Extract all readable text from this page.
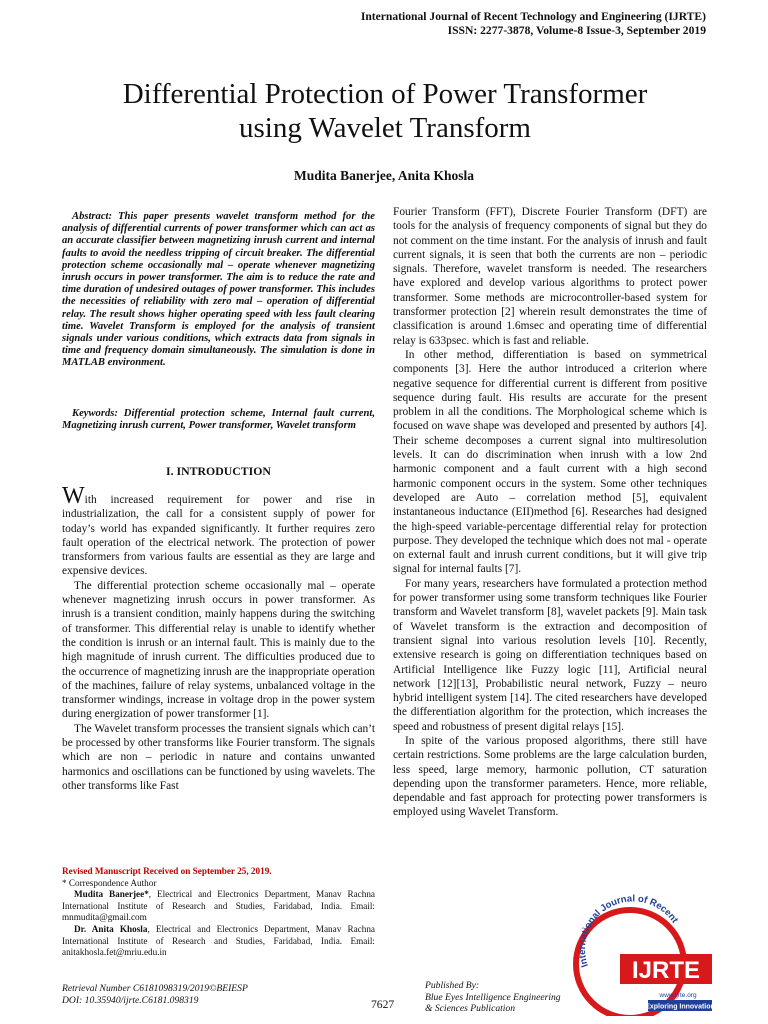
International Journal of Recent Technology and Engineering (IJRTE)
ISSN: 2277-3878, Volume-8 Issue-3, September 2019
Differential Protection of Power Transformer
using Wavelet Transform
Mudita Banerjee, Anita Khosla
Abstract: This paper presents wavelet transform method for the analysis of differential currents of power transformer which can act as an accurate classifier between magnetizing inrush current and internal faults to avoid the needless tripping of circuit breaker. The differential protection scheme occasionally mal – operate whenever magnetizing inrush occurs in power transformer. The aim is to reduce the rate and time duration of undesired outages of power transformer. This includes the necessities of reliability with zero mal – operation of differential relay. The result shows higher operating speed with less fault clearing time. Wavelet Transform is employed for the analysis of transient signals under various conditions, which extracts data from signals in time and frequency domain simultaneously. The simulation is done in MATLAB environment.
Keywords: Differential protection scheme, Internal fault current, Magnetizing inrush current, Power transformer, Wavelet transform
I. INTRODUCTION

With increased requirement for power and rise in industrialization, the call for a consistent supply of power for today’s world has expanded significantly. It further requires zero fault operation of the electrical network. The protection of power transformers from various faults are essential as they are large and expensive devices.

The differential protection scheme occasionally mal – operate whenever magnetizing inrush occurs in power transformer. As inrush is a transient condition, mainly happens during the switching of transformer. This differential relay is unable to identify whether the condition is inrush or an internal fault. This is mainly due to the high magnitude of inrush current. The difficulties produced due to the occurrence of magnetizing inrush are the inappropriate operation of the machines, failure of relay systems, unbalanced voltage in the transformer windings, increase in voltage drop in the power system during energization of power transformer [1].

The Wavelet transform processes the transient signals which can’t be processed by other transforms like Fourier transform. The signals which are non – periodic in nature and contains unwanted harmonics and oscillations can be functioned by using wavelets. The other transforms like Fast

Fourier Transform (FFT), Discrete Fourier Transform (DFT) are tools for the analysis of frequency components of signal but they do not comment on the time instant. For the analysis of inrush and fault current signals, it is seen that both the currents are non – periodic signals. Therefore, wavelet transform is needed. The researchers have explored and develop various algorithms to protect power transformer. Some methods are microcontroller-based system for transformer protection [2] wherein result demonstrates the time of classification is around 1.6msec and operating time of differential relay is 633psec. which is fast and reliable.

In other method, differentiation is based on symmetrical components [3]. Here the author introduced a criterion where negative sequence for differential current is different from positive sequence during fault. His results are accurate for the present problem in all the conditions. The Morphological scheme which is focused on wave shape was developed and presented by authors [4]. Their scheme decomposes a current signal into multiresolution levels. It can do discrimination when inrush with a low 2nd harmonic component and a fault current with a high second harmonic component occurs in the system. Some other techniques developed are Auto – correlation method [5], equivalent instantaneous inductance (EII)method [6]. Researches had designed the high-speed variable-percentage differential relay for protection purpose. They developed the technique which does not mal - operate on external fault and inrush current conditions, but it will give trip signal for internal faults [7].

For many years, researchers have formulated a protection method for power transformer using some transform techniques like Fourier transform and Wavelet transform [8], wavelet packets [9]. Main task of Wavelet transform is the extraction and decomposition of transient signal into various resolution levels [10]. Recently, extensive research is going on differentiation techniques based on Artificial Intelligence like Fuzzy logic [11], Artificial neural network [12][13], Probabilistic neural network, Fuzzy – neuro hybrid intelligent system [14]. The cited researchers have developed the differentiation algorithm for the protection, which increases the speed and robustness of present digital relays [15].

In spite of the various proposed algorithms, there still have certain restrictions. Some problems are the large calculation burden, less speed, large memory, harmonic pollution, CT saturation depending upon the transformer parameters. Hence, more reliable, dependable and fast approach for protecting power transformers is employed using Wavelet Transform.

Revised Manuscript Received on September 25, 2019.

* Correspondence Author

Mudita Banerjee*, Electrical and Electronics Department, Manav Rachna International Institute of Research and Studies, Faridabad, India. Email: mnmudita@gmail.com

Dr. Anita Khosla, Electrical and Electronics Department, Manav Rachna International Institute of Research and Studies, Faridabad, India. Email: anitakhosla.fet@mriu.edu.in

Retrieval Number C6181098319/2019©BEIESP
DOI: 10.35940/ijrte.C6181.098319	7627
Published By:
Blue Eyes Intelligence Engineering
& Sciences Publication
International Journal of Recent
IJRTE
www.ijrte.org
Exploring Innovation
